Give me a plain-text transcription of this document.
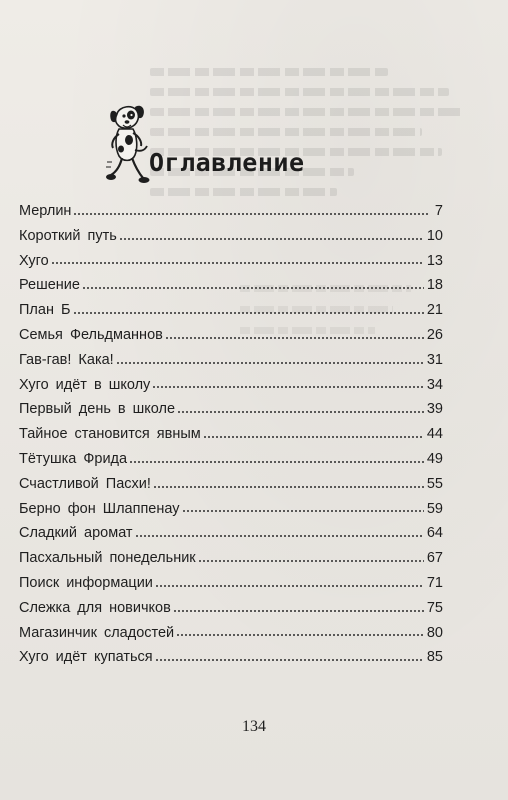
Оглавление
Мерлин	7
Короткий путь	10
Хуго	13
Решение	18
План Б	21
Семья Фельдманнов	26
Гав-гав! Кака!	31
Хуго идёт в школу	34
Первый день в школе	39
Тайное становится явным	44
Тётушка Фрида	49
Счастливой Пасхи!	55
Берно фон Шлаппенау	59
Сладкий аромат	64
Пасхальный понедельник	67
Поиск информации	71
Слежка для новичков	75
Магазинчик сладостей	80
Хуго идёт купаться	85
134
